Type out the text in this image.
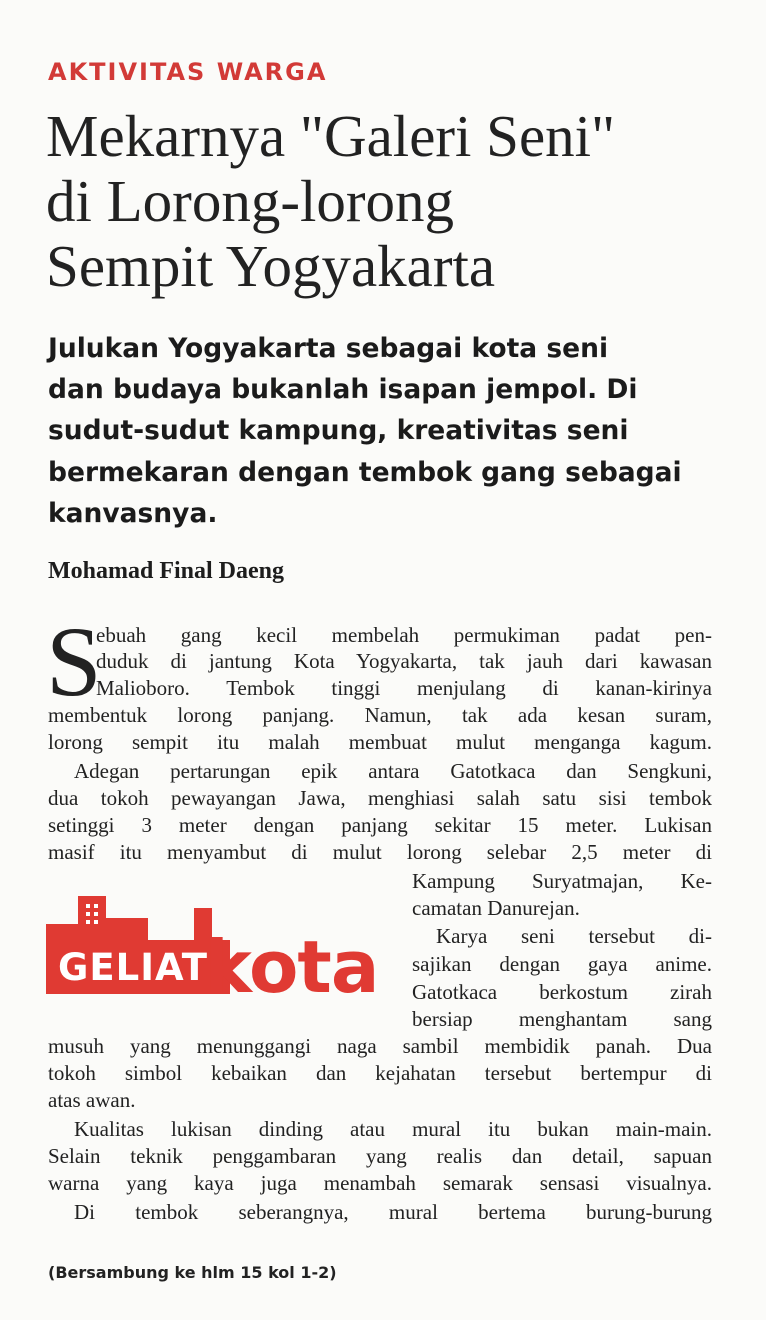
AKTIVITAS WARGA
Mekarnya "Galeri Seni"
di Lorong-lorong
Sempit Yogyakarta

Julukan Yogyakarta sebagai kota seni
dan budaya bukanlah isapan jempol. Di
sudut-sudut kampung, kreativitas seni
bermekaran dengan tembok gang sebagai
kanvasnya.

Mohamad Final Daeng
S
ebuah gang kecil membelah permukiman padat pen-
duduk di jantung Kota Yogyakarta, tak jauh dari kawasan
Malioboro. Tembok tinggi menjulang di kanan-kirinya
membentuk lorong panjang. Namun, tak ada kesan suram,
lorong sempit itu malah membuat mulut menganga kagum.
Adegan pertarungan epik antara Gatotkaca dan Sengkuni,
dua tokoh pewayangan Jawa, menghiasi salah satu sisi tembok
setinggi 3 meter dengan panjang sekitar 15 meter. Lukisan
masif itu menyambut di mulut lorong selebar 2,5 meter di
Kampung Suryatmajan, Ke-
camatan Danurejan.
Karya seni tersebut di-
sajikan dengan gaya anime.
Gatotkaca berkostum zirah
bersiap menghantam sang
musuh yang menunggangi naga sambil membidik panah. Dua
tokoh simbol kebaikan dan kejahatan tersebut bertempur di
atas awan.
Kualitas lukisan dinding atau mural itu bukan main-main.
Selain teknik penggambaran yang realis dan detail, sapuan
warna yang kaya juga menambah semarak sensasi visualnya.
Di tembok seberangnya, mural bertema burung-burung
GELIAT
kota
(Bersambung ke hlm 15 kol 1-2)
